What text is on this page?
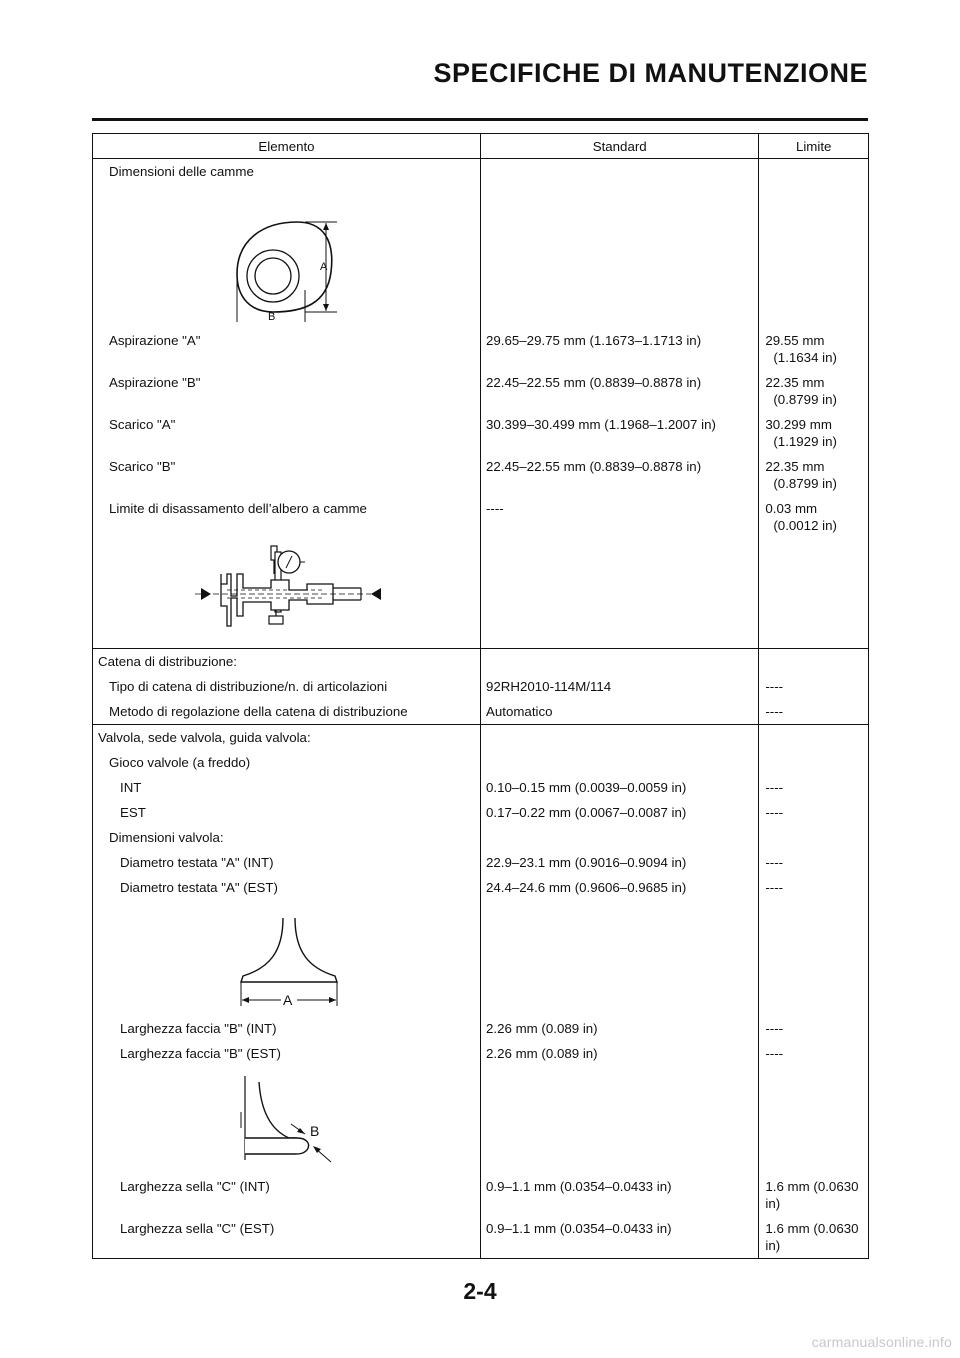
SPECIFICHE DI MANUTENZIONE
Elemento	Standard	Limite
Dimensioni delle camme		

A
B		

Aspirazione "A"	29.65–29.75 mm (1.1673–1.1713 in)	29.55 mm
(1.1634 in)

Aspirazione "B"	22.45–22.55 mm (0.8839–0.8878 in)	22.35 mm
(0.8799 in)

Scarico "A"	30.399–30.499 mm (1.1968–1.2007 in)	30.299 mm
(1.1929 in)

Scarico "B"	22.45–22.55 mm (0.8839–0.8878 in)	22.35 mm
(0.8799 in)

Limite di disassamento dell’albero a camme	----	0.03 mm
(0.0012 in)

Catena di distribuzione:		
Tipo di catena di distribuzione/n. di articolazioni	92RH2010-114M/114	----
Metodo di regolazione della catena di distribuzione	Automatico	----
Valvola, sede valvola, guida valvola:		
Gioco valvole (a freddo)		
INT	0.10–0.15 mm (0.0039–0.0059 in)	----
EST	0.17–0.22 mm (0.0067–0.0087 in)	----
Dimensioni valvola:		
Diametro testata "A" (INT)	22.9–23.1 mm (0.9016–0.9094 in)	----
Diametro testata "A" (EST)	24.4–24.6 mm (0.9606–0.9685 in)	----

A		

Larghezza faccia "B" (INT)	2.26 mm (0.089 in)	----
Larghezza faccia "B" (EST)	2.26 mm (0.089 in)	----

B		

Larghezza sella "C" (INT)	0.9–1.1 mm (0.0354–0.0433 in)	1.6 mm (0.0630
in)
Larghezza sella "C" (EST)	0.9–1.1 mm (0.0354–0.0433 in)	1.6 mm (0.0630
in)
2-4
carmanualsonline.info
